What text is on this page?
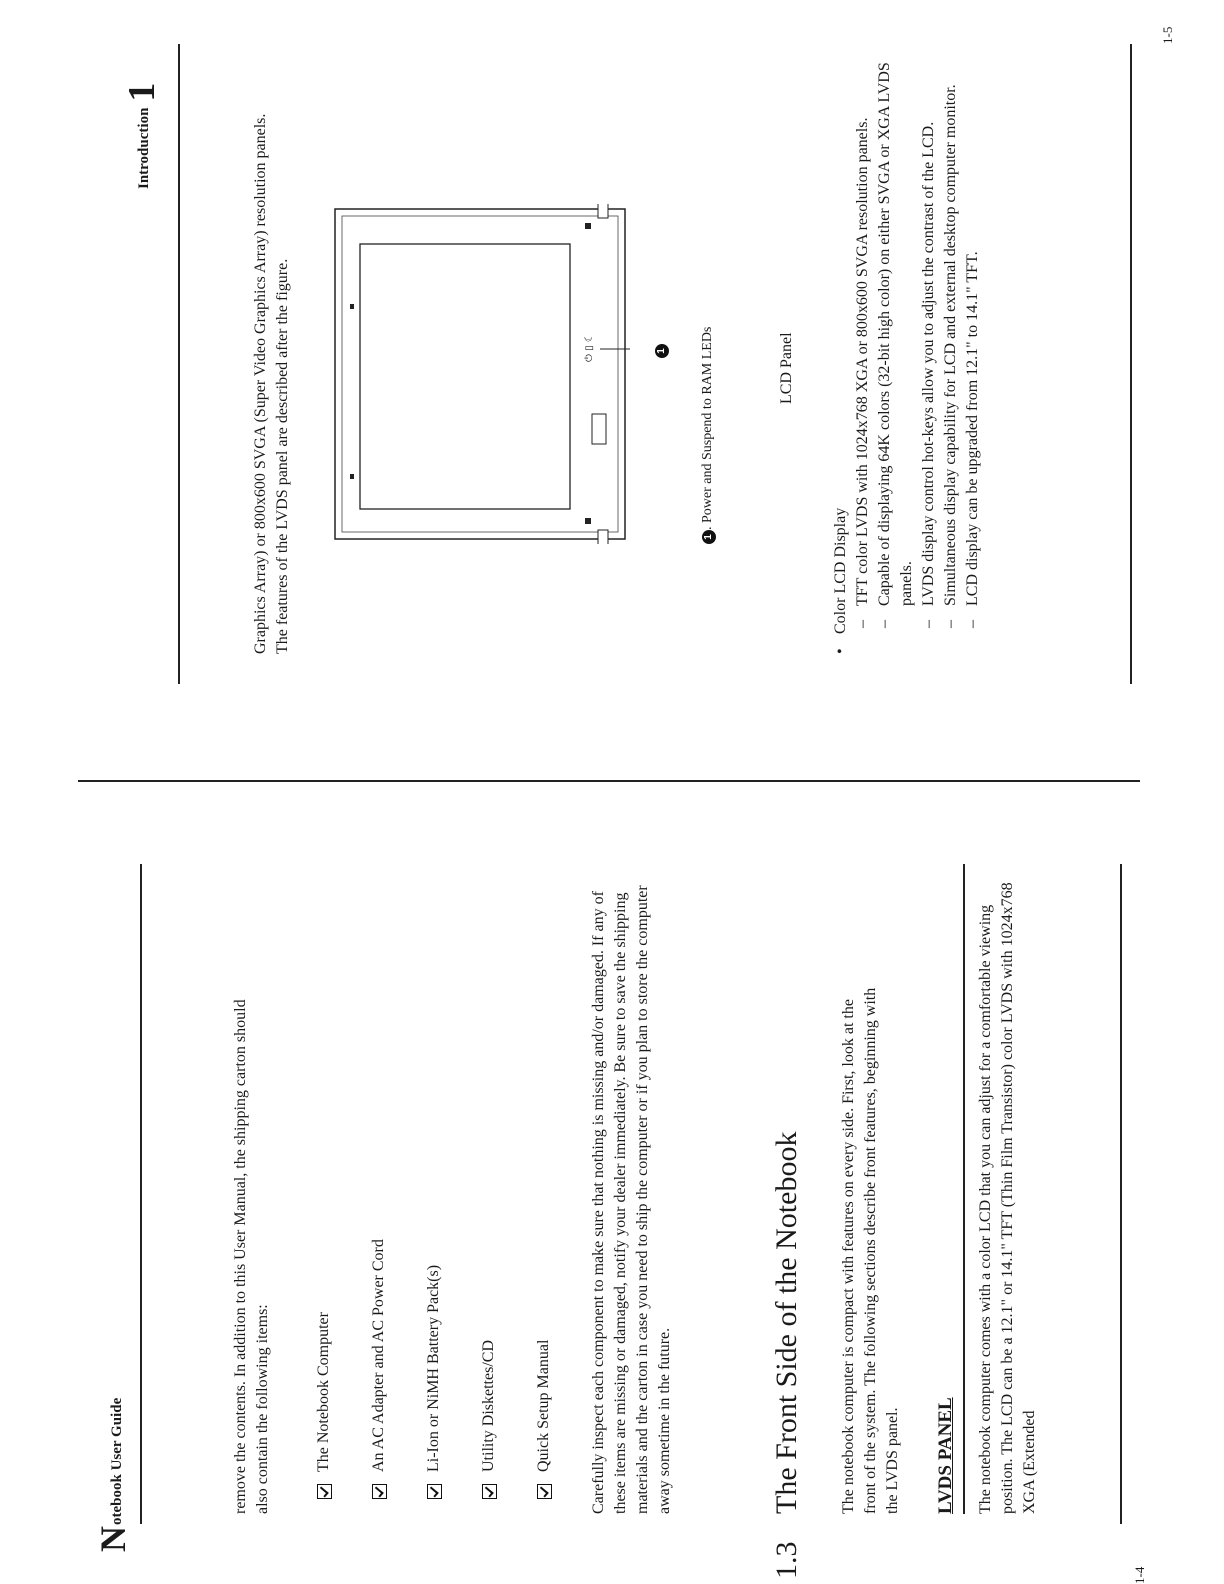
Notebook User Guide	remove the contents. In addition to this User Manual, the shipping carton should also contain the following items:	The Notebook Computer An AC Adapter and AC Power Cord Li-Ion or NiMH Battery Pack(s) Utility Diskettes/CD Quick Setup Manual Carefully inspect each component to make sure that nothing is missing and/or damaged. If any of these items are missing or damaged, notify your dealer immediately. Be sure to save the shipping materials and the carton in case you need to ship the computer or if you plan to store the computer away sometime in the future.
1.3
The Front Side of the Notebook The notebook computer is compact with features on every side. First, look at the front of the system. The following sections describe front features, beginning with the LVDS panel. LVDS PANEL The notebook computer comes with a color LCD that you can adjust for a comfortable viewing position. The LCD can be a 12.1" or 14.1" TFT (Thin Film Transistor) color LVDS with 1024x768 XGA (Extended
1-4
Introduction1
Graphics Array) or 800x600 SVGA (Super Video Graphics Array) resolution panels. The features of the LVDS panel are described after the figure.	⏻ ▯ ☾	1
1. Power and Suspend to RAM LEDs	LCD Panel
•
Color LCD Display –
TFT color LVDS with 1024x768 XGA or 800x600 SVGA resolution panels.
–
Capable of displaying 64K colors (32-bit high color) on either SVGA or XGA LVDS panels.
–
LVDS display control hot-keys allow you to adjust the contrast of the LCD.
–
Simultaneous display capability for LCD and external desktop computer monitor.
–
LCD display can be upgraded from 12.1" to 14.1" TFT.
1-5
